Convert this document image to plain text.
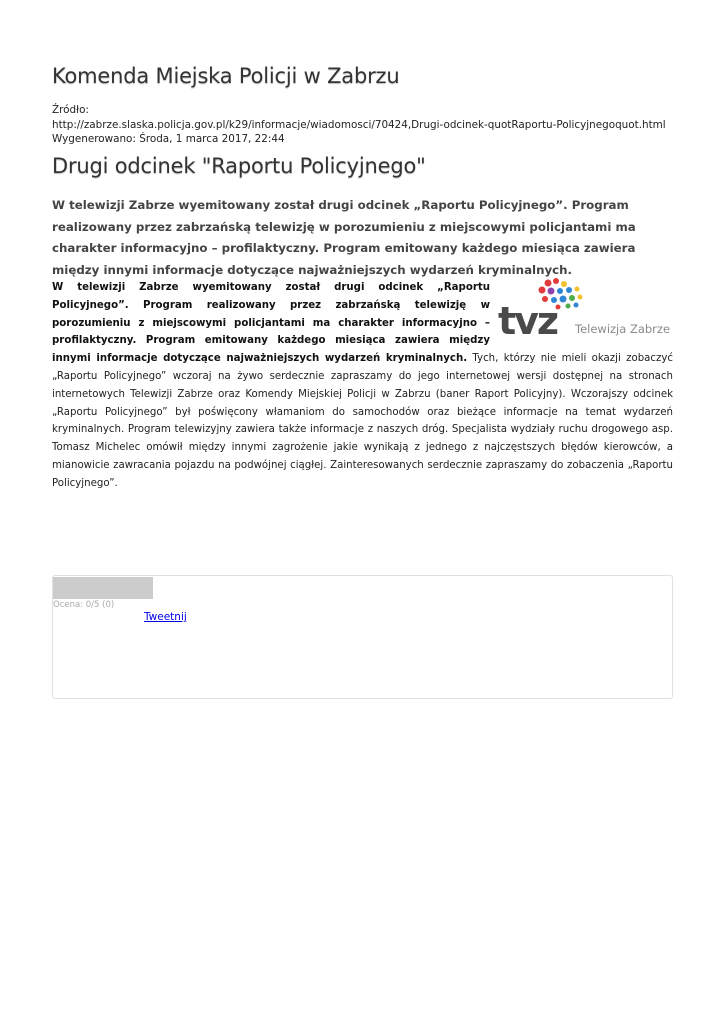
Komenda Miejska Policji w Zabrzu
Źródło:
http://zabrze.slaska.policja.gov.pl/k29/informacje/wiadomosci/70424,Drugi-odcinek-quotRaportu-Policyjnegoquot.html
Wygenerowano: Środa, 1 marca 2017, 22:44
Drugi odcinek "Raportu Policyjnego"
W telewizji Zabrze wyemitowany został drugi odcinek „Raportu Policyjnego”. Program realizowany przez zabrzańską telewizję w porozumieniu z miejscowymi policjantami ma charakter informacyjno – profilaktyczny. Program emitowany każdego miesiąca zawiera między innymi informacje dotyczące najważniejszych wydarzeń kryminalnych.
tvz Telewizja Zabrze
W telewizji Zabrze wyemitowany został drugi odcinek „Raportu Policyjnego”. Program realizowany przez zabrzańską telewizję w porozumieniu z miejscowymi policjantami ma charakter informacyjno – profilaktyczny. Program emitowany każdego miesiąca zawiera między innymi informacje dotyczące najważniejszych wydarzeń kryminalnych. Tych, którzy nie mieli okazji zobaczyć „Raportu Policyjnego” wczoraj na żywo serdecznie zapraszamy do jego internetowej wersji dostępnej na stronach internetowych Telewizji Zabrze oraz Komendy Miejskiej Policji w Zabrzu (baner Raport Policyjny). Wczorajszy odcinek „Raportu Policyjnego” był poświęcony włamaniom do samochodów oraz bieżące informacje na temat wydarzeń kryminalnych. Program telewizyjny zawiera także informacje z naszych dróg. Specjalista wydziały ruchu drogowego asp. Tomasz Michelec omówił między innymi zagrożenie jakie wynikają z jednego z najczęstszych błędów kierowców, a mianowicie zawracania pojazdu na podwójnej ciągłej. Zainteresowanych serdecznie zapraszamy do zobaczenia „Raportu Policyjnego”.
Ocena: 0/5 (0)
Tweetnij
